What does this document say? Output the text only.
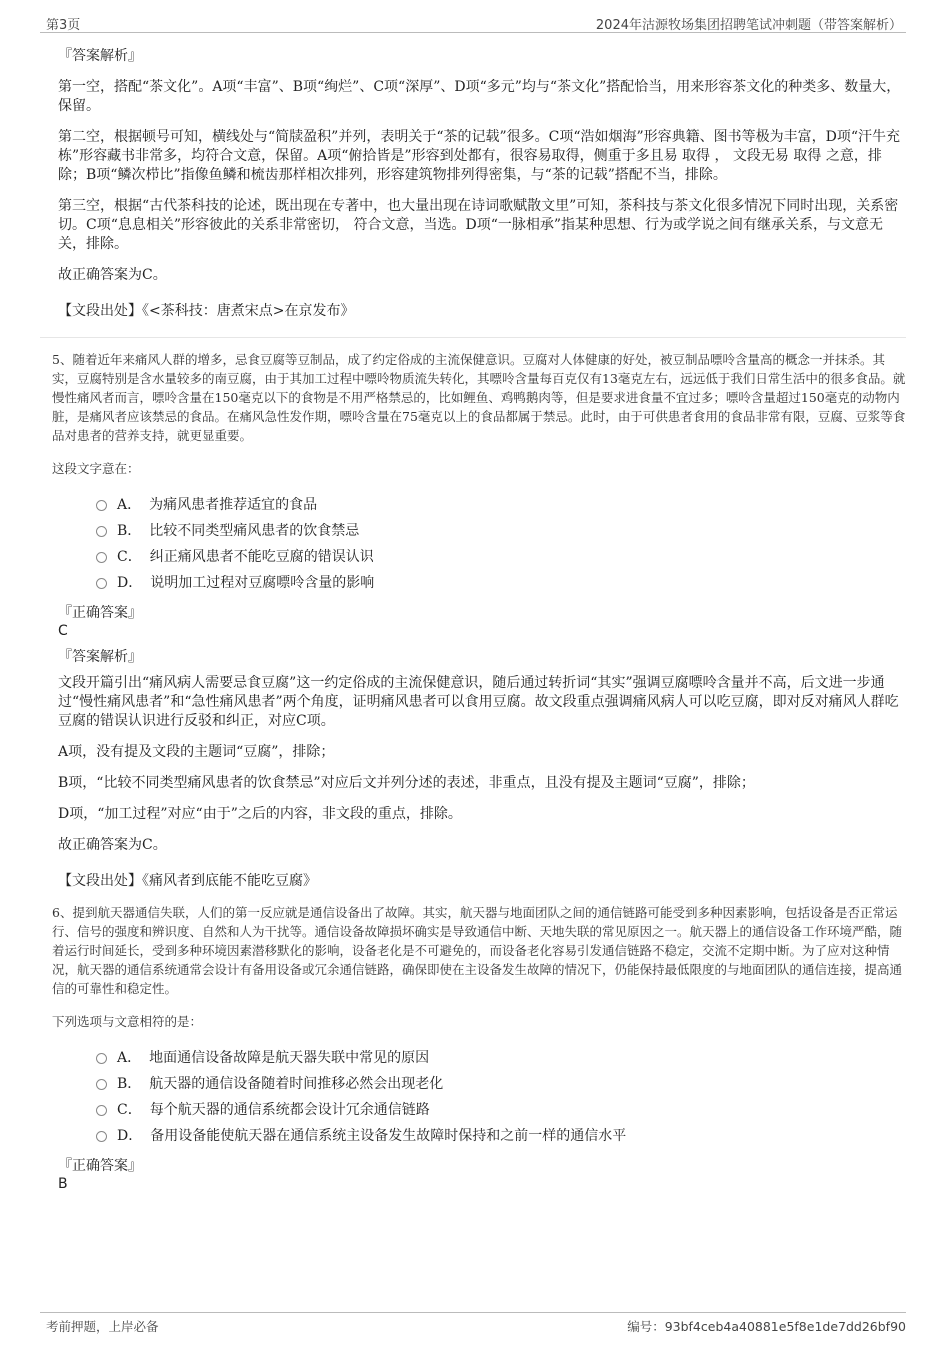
第3页	2024年沽源牧场集团招聘笔试冲刺题（带答案解析）
『答案解析』
第一空，搭配“茶文化”。A项“丰富”、B项“绚烂”、C项“深厚”、D项“多元”均与“茶文化”搭配恰当，用来形容茶文化的种类多、数量大，保留。
第二空，根据顿号可知，横线处与“简牍盈积”并列，表明关于“茶的记载”很多。C项“浩如烟海”形容典籍、图书等极为丰富，D项“汗牛充栋”形容藏书非常多，均符合文意，保留。A项“俯拾皆是”形容到处都有，很容易取得，侧重于多且易 取得 ， 文段无易 取得 之意，排除；B项“鳞次栉比”指像鱼鳞和梳齿那样相次排列，形容建筑物排列得密集，与“茶的记载”搭配不当，排除。
第三空，根据“古代茶科技的论述，既出现在专著中，也大量出现在诗词歌赋散文里”可知，茶科技与茶文化很多情况下同时出现，关系密切。C项“息息相关”形容彼此的关系非常密切， 符合文意，当选。D项“一脉相承”指某种思想、行为或学说之间有继承关系，与文意无关，排除。
故正确答案为C。
【文段出处】《<茶科技：唐煮宋点>在京发布》
5、随着近年来痛风人群的增多，忌食豆腐等豆制品，成了约定俗成的主流保健意识。豆腐对人体健康的好处，被豆制品嘌呤含量高的概念一并抹杀。其实，豆腐特别是含水量较多的南豆腐，由于其加工过程中嘌呤物质流失转化，其嘌呤含量每百克仅有13毫克左右，远远低于我们日常生活中的很多食品。就慢性痛风者而言，嘌呤含量在150毫克以下的食物是不用严格禁忌的，比如鲤鱼、鸡鸭鹅肉等，但是要求进食量不宜过多；嘌呤含量超过150毫克的动物内脏，是痛风者应该禁忌的食品。在痛风急性发作期，嘌呤含量在75毫克以上的食品都属于禁忌。此时，由于可供患者食用的食品非常有限，豆腐、豆浆等食品对患者的营养支持，就更显重要。
这段文字意在：
A． 为痛风患者推荐适宜的食品
B． 比较不同类型痛风患者的饮食禁忌
C． 纠正痛风患者不能吃豆腐的错误认识
D． 说明加工过程对豆腐嘌呤含量的影响
『正确答案』
C
『答案解析』
文段开篇引出“痛风病人需要忌食豆腐”这一约定俗成的主流保健意识，随后通过转折词“其实”强调豆腐嘌呤含量并不高，后文进一步通过“慢性痛风患者”和“急性痛风患者”两个角度，证明痛风患者可以食用豆腐。故文段重点强调痛风病人可以吃豆腐，即对反对痛风人群吃豆腐的错误认识进行反驳和纠正，对应C项。
A项，没有提及文段的主题词“豆腐”，排除；
B项，“比较不同类型痛风患者的饮食禁忌”对应后文并列分述的表述，非重点，且没有提及主题词“豆腐”，排除；
D项，“加工过程”对应“由于”之后的内容，非文段的重点，排除。
故正确答案为C。
【文段出处】《痛风者到底能不能吃豆腐》
6、提到航天器通信失联，人们的第一反应就是通信设备出了故障。其实，航天器与地面团队之间的通信链路可能受到多种因素影响，包括设备是否正常运行、信号的强度和辨识度、自然和人为干扰等。通信设备故障损坏确实是导致通信中断、天地失联的常见原因之一。航天器上的通信设备工作环境严酷，随着运行时间延长，受到多种环境因素潜移默化的影响，设备老化是不可避免的，而设备老化容易引发通信链路不稳定，交流不定期中断。为了应对这种情况，航天器的通信系统通常会设计有备用设备或冗余通信链路，确保即使在主设备发生故障的情况下，仍能保持最低限度的与地面团队的通信连接，提高通信的可靠性和稳定性。
下列选项与文意相符的是：
A． 地面通信设备故障是航天器失联中常见的原因
B． 航天器的通信设备随着时间推移必然会出现老化
C． 每个航天器的通信系统都会设计冗余通信链路
D． 备用设备能使航天器在通信系统主设备发生故障时保持和之前一样的通信水平
『正确答案』
B
考前押题，上岸必备	编号：93bf4ceb4a40881e5f8e1de7dd26bf90
